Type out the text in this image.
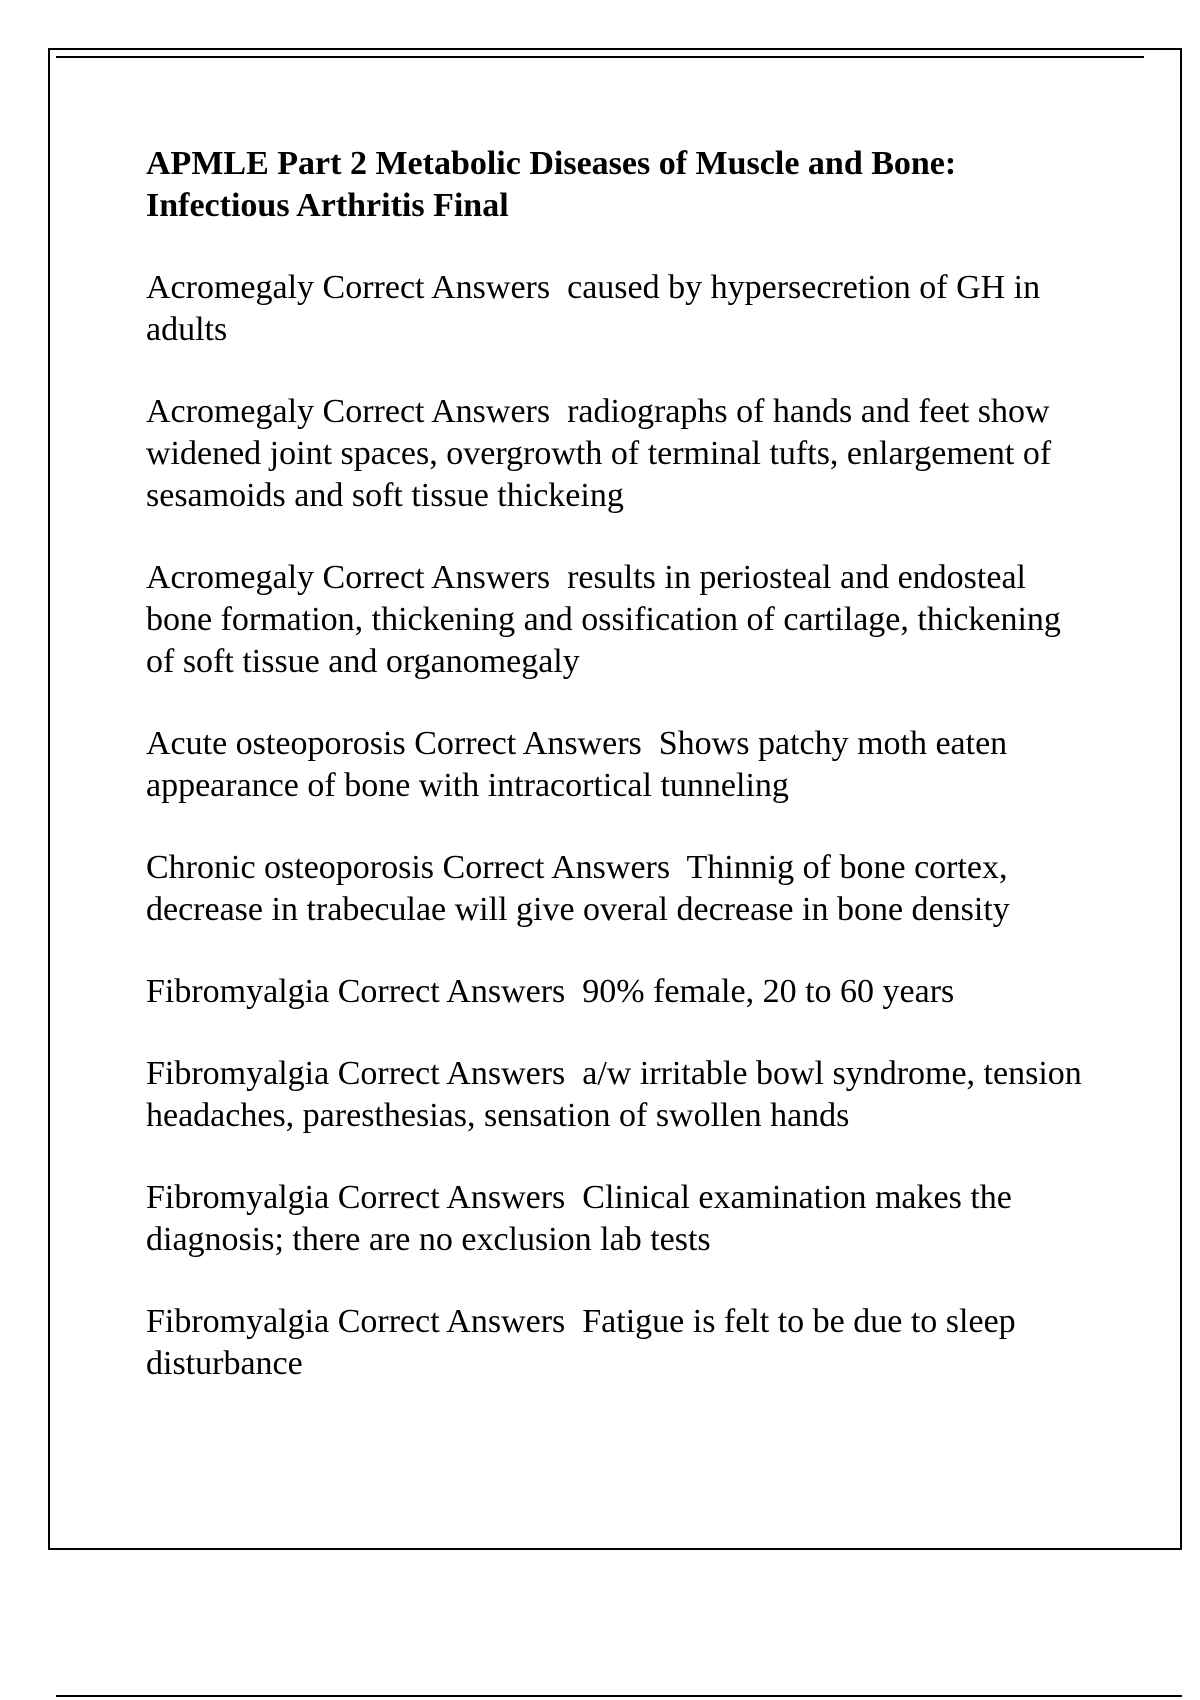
APMLE Part 2 Metabolic Diseases of Muscle and Bone: Infectious Arthritis Final

Acromegaly Correct Answers caused by hypersecretion of GH in adults

Acromegaly Correct Answers radiographs of hands and feet show widened joint spaces, overgrowth of terminal tufts, enlargement of sesamoids and soft tissue thickeing

Acromegaly Correct Answers results in periosteal and endosteal bone formation, thickening and ossification of cartilage, thickening of soft tissue and organomegaly

Acute osteoporosis Correct Answers Shows patchy moth eaten appearance of bone with intracortical tunneling

Chronic osteoporosis Correct Answers Thinnig of bone cortex, decrease in trabeculae will give overal decrease in bone density

Fibromyalgia Correct Answers 90% female, 20 to 60 years

Fibromyalgia Correct Answers a/w irritable bowl syndrome, tension headaches, paresthesias, sensation of swollen hands

Fibromyalgia Correct Answers Clinical examination makes the diagnosis; there are no exclusion lab tests

Fibromyalgia Correct Answers Fatigue is felt to be due to sleep disturbance
